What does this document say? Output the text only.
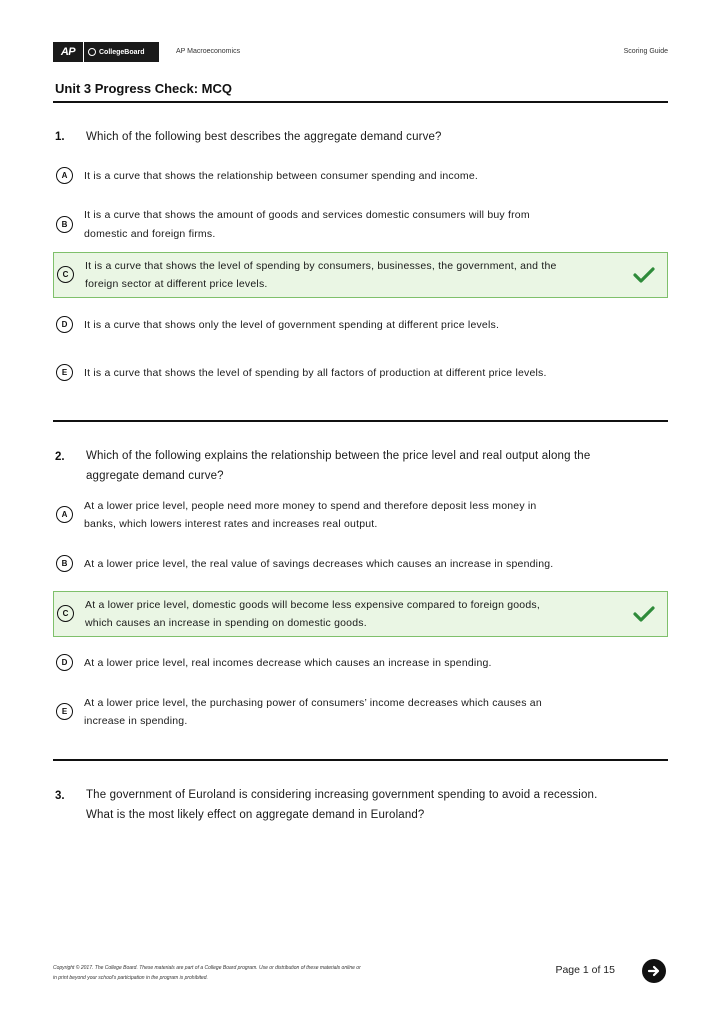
AP	CollegeBoard	AP Macroeconomics	Scoring Guide
Unit 3 Progress Check: MCQ
1. Which of the following best describes the aggregate demand curve?
A	It is a curve that shows the relationship between consumer spending and income.
B
It is a curve that shows the amount of goods and services domestic consumers will buy from
domestic and foreign firms.
C
It is a curve that shows the level of spending by consumers, businesses, the government, and the
foreign sector at different price levels.
D	It is a curve that shows only the level of government spending at different price levels.
E	It is a curve that shows the level of spending by all factors of production at different price levels.
2. Which of the following explains the relationship between the price level and real output along the
aggregate demand curve?
A
At a lower price level, people need more money to spend and therefore deposit less money in
banks, which lowers interest rates and increases real output.
B	At a lower price level, the real value of savings decreases which causes an increase in spending.
C
At a lower price level, domestic goods will become less expensive compared to foreign goods,
which causes an increase in spending on domestic goods.
D	At a lower price level, real incomes decrease which causes an increase in spending.
E
At a lower price level, the purchasing power of consumers’ income decreases which causes an
increase in spending.
3. The government of Euroland is considering increasing government spending to avoid a recession.
What is the most likely effect on aggregate demand in Euroland?
Copyright © 2017. The College Board. These materials are part of a College Board program. Use or distribution of these materials online or
in print beyond your school's participation in the program is prohibited.
Page 1 of 15
